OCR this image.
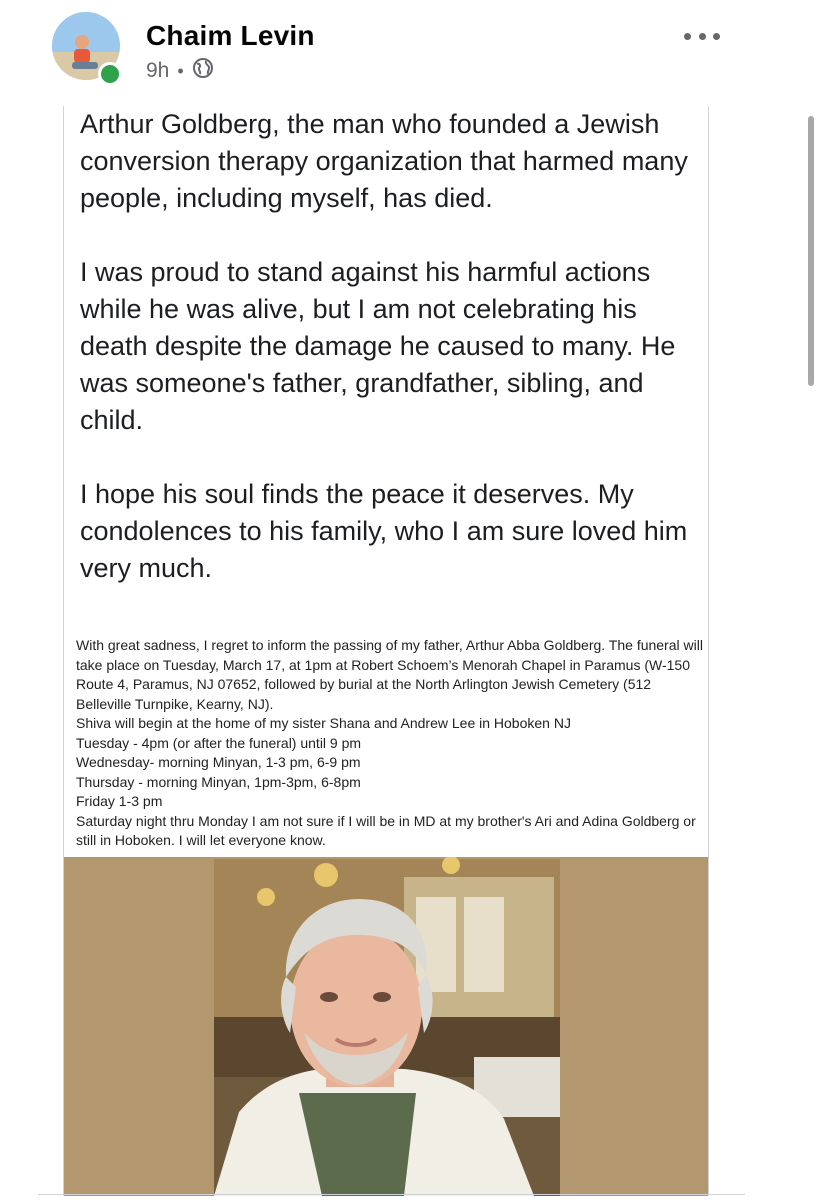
Chaim Levin
9h •

Arthur Goldberg, the man who founded a Jewish conversion therapy organization that harmed many people, including myself, has died.

I was proud to stand against his harmful actions while he was alive, but I am not celebrating his death despite the damage he caused to many. He was someone's father, grandfather, sibling, and child.

I hope his soul finds the peace it deserves. My condolences to his family, who I am sure loved him very much.

With great sadness, I regret to inform the passing of my father, Arthur Abba Goldberg. The funeral will take place on Tuesday, March 17, at 1pm at Robert Schoem’s Menorah Chapel in Paramus (W-150 Route 4, Paramus, NJ 07652, followed by burial at the North Arlington Jewish Cemetery (512 Belleville Turnpike, Kearny, NJ).
Shiva will begin at the home of my sister Shana and Andrew Lee in Hoboken NJ
Tuesday - 4pm (or after the funeral) until 9 pm
Wednesday- morning Minyan, 1-3 pm, 6-9 pm
Thursday - morning Minyan, 1pm-3pm, 6-8pm
Friday 1-3 pm
Saturday night thru Monday I am not sure if I will be in MD at my brother's Ari and Adina Goldberg or still in Hoboken. I will let everyone know.
